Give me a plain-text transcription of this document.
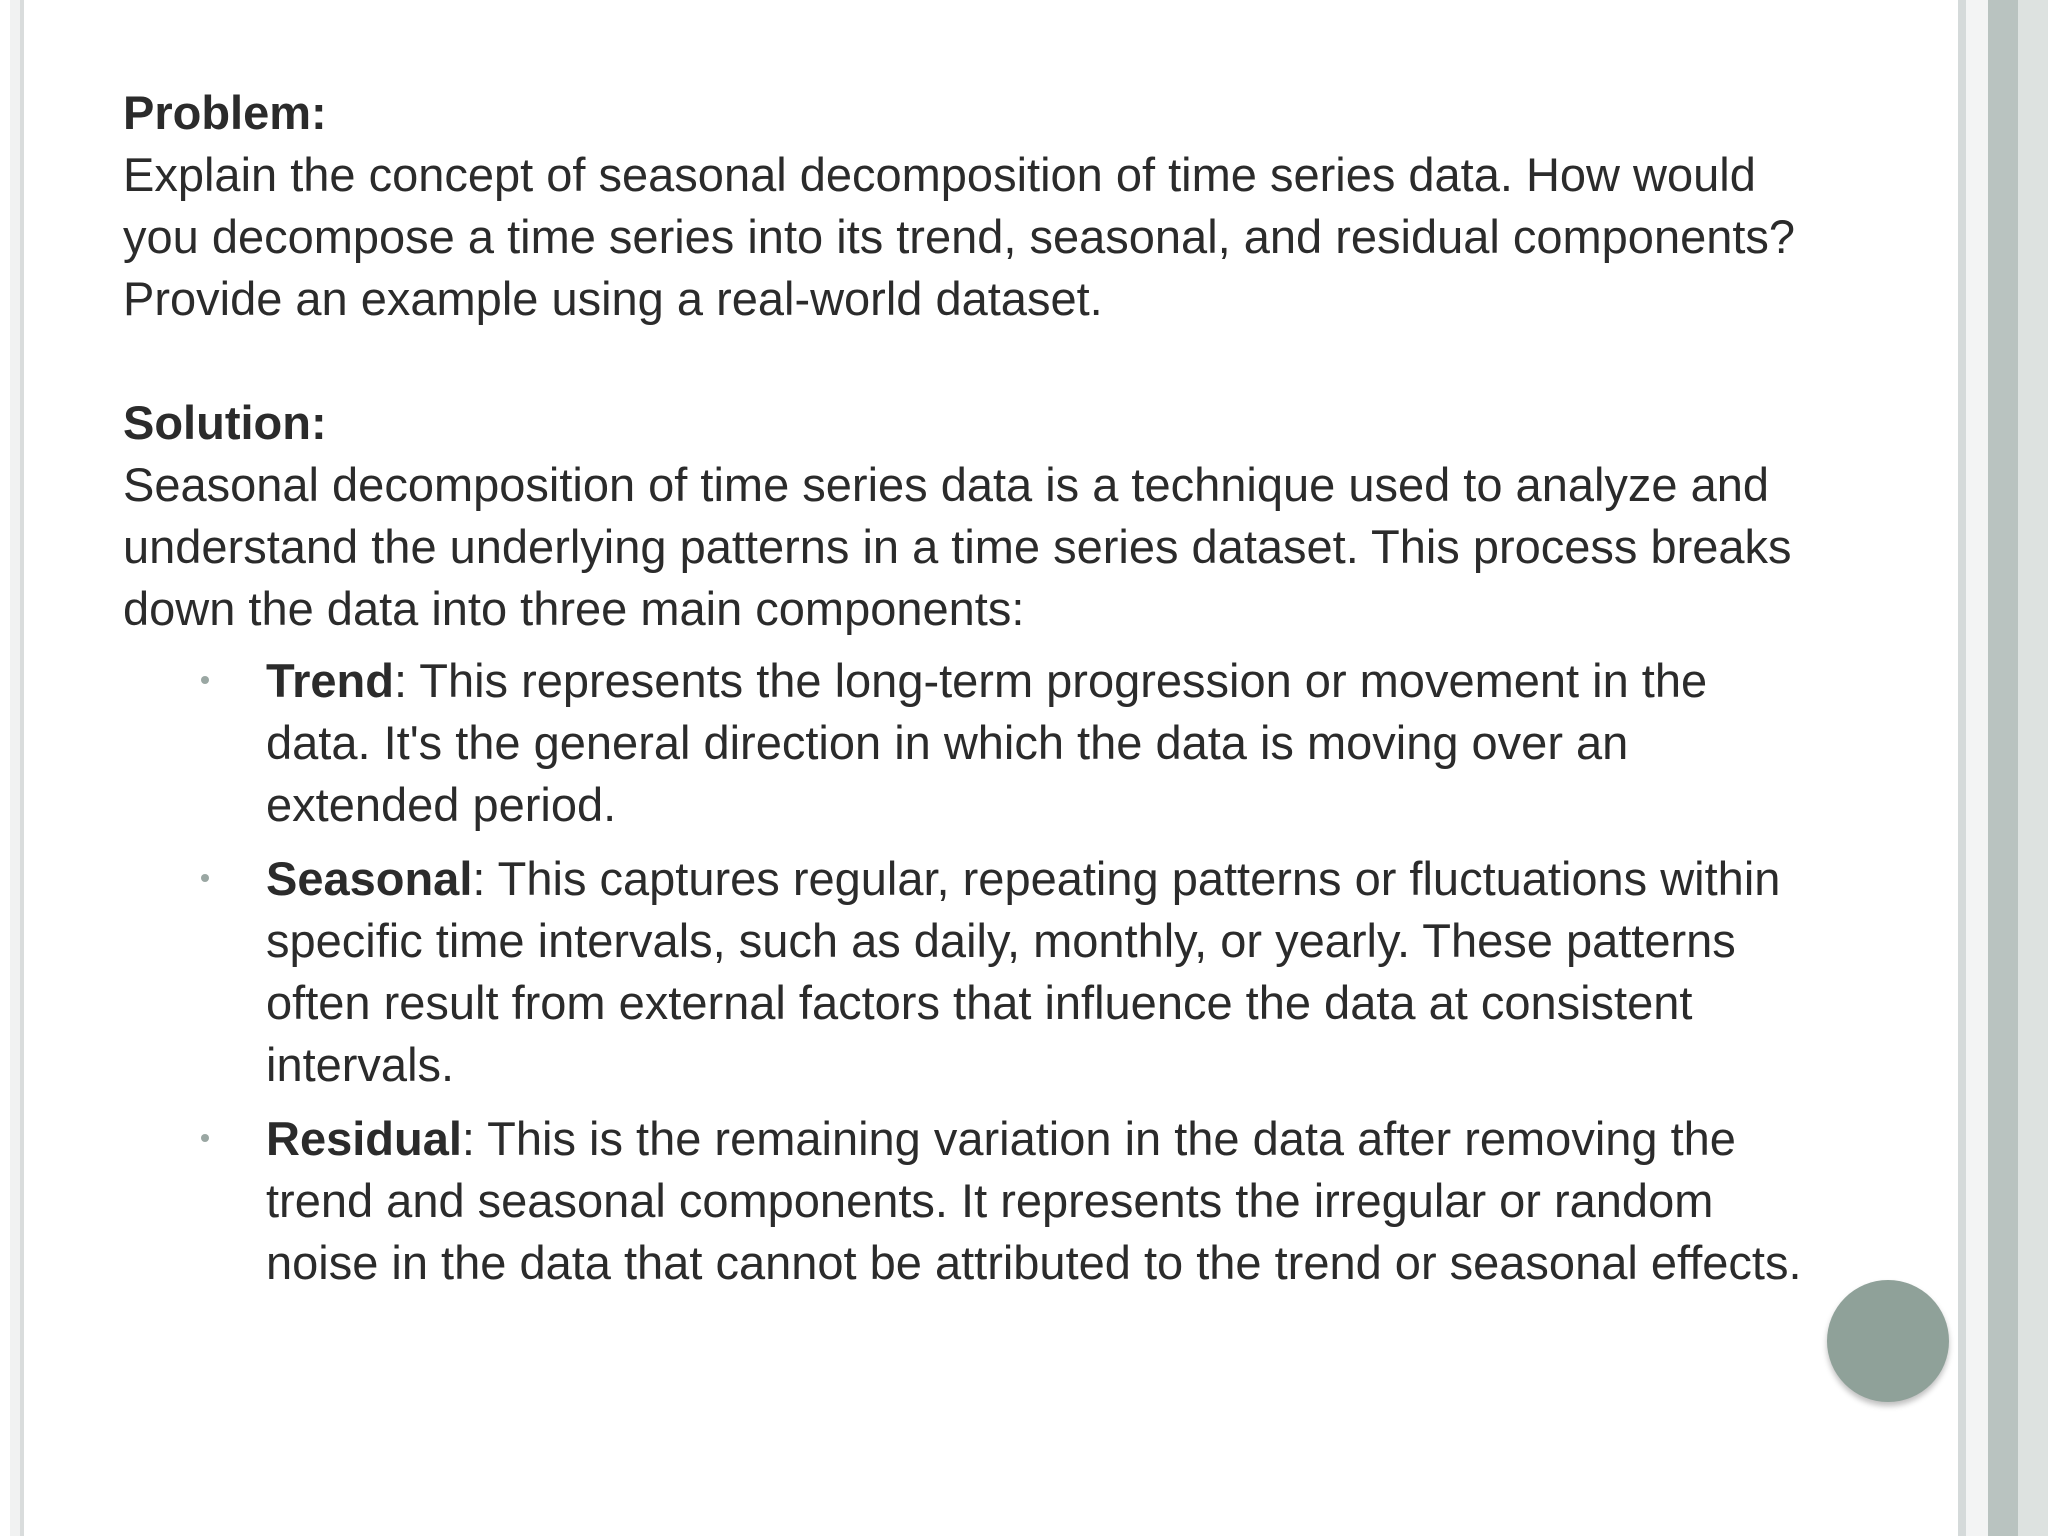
Problem:

Explain the concept of seasonal decomposition of time series data. How would you decompose a time series into its trend, seasonal, and residual components? Provide an example using a real-world dataset.

Solution:

Seasonal decomposition of time series data is a technique used to analyze and understand the underlying patterns in a time series dataset. This process breaks down the data into three main components:

Trend: This represents the long-term progression or movement in the data. It's the general direction in which the data is moving over an extended period.
Seasonal: This captures regular, repeating patterns or fluctuations within specific time intervals, such as daily, monthly, or yearly. These patterns often result from external factors that influence the data at consistent intervals.
Residual: This is the remaining variation in the data after removing the trend and seasonal components. It represents the irregular or random noise in the data that cannot be attributed to the trend or seasonal effects.
